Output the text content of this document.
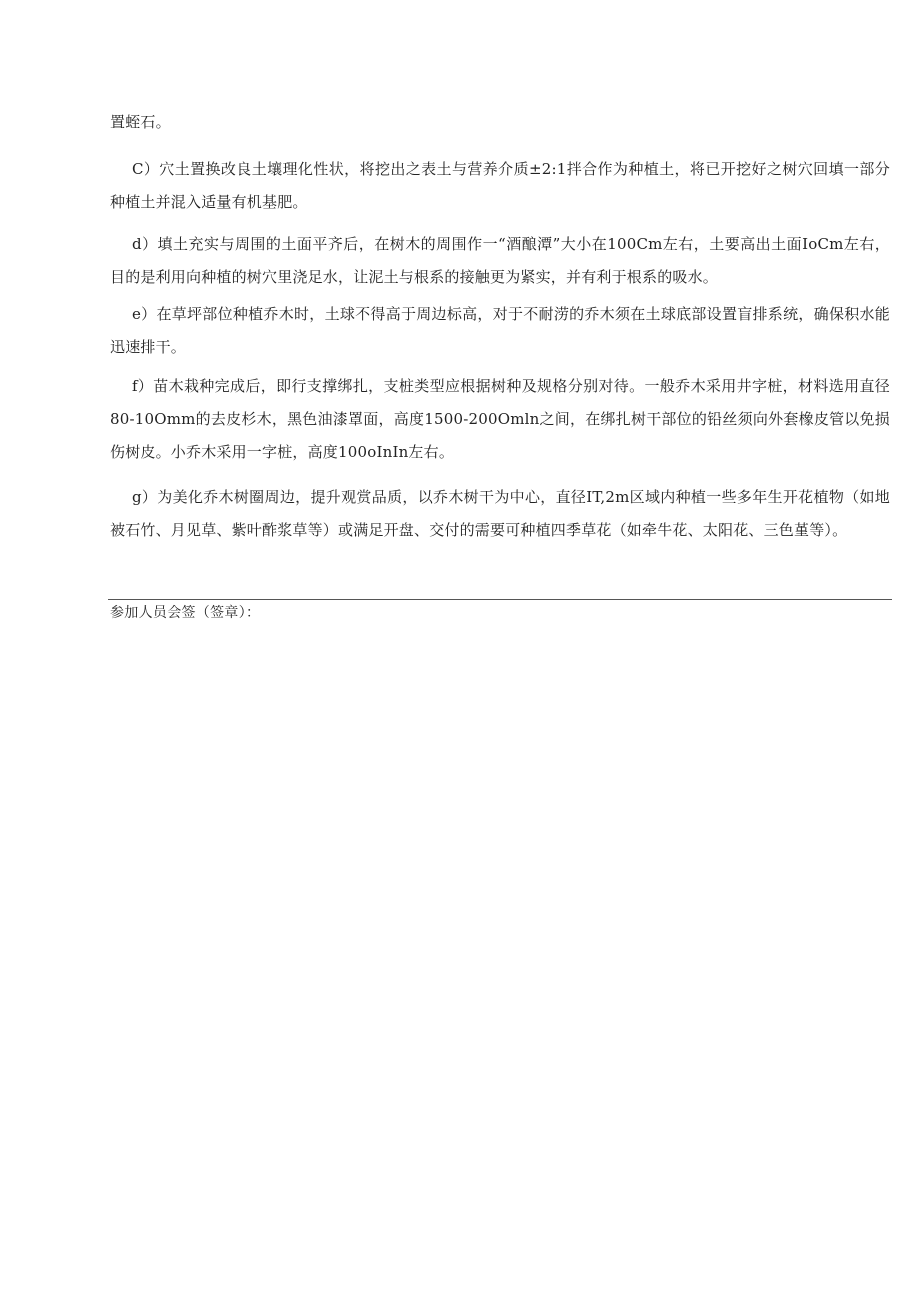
置蛭石。

C）穴土置换改良土壤理化性状，将挖出之表土与营养介质±2:1拌合作为种植土，将已开挖好之树穴回填一部分种植土并混入适量有机基肥。

d）填土充实与周围的土面平齐后，在树木的周围作一“酒酿潭”大小在100Cm左右，土要高出土面IoCm左右，目的是利用向种植的树穴里浇足水，让泥土与根系的接触更为紧实，并有利于根系的吸水。

e）在草坪部位种植乔木时，土球不得高于周边标高，对于不耐涝的乔木须在土球底部设置盲排系统，确保积水能迅速排干。

f）苗木栽种完成后，即行支撑绑扎，支桩类型应根据树种及规格分别对待。一般乔木采用井字桩，材料选用直径80-10Omm的去皮杉木，黑色油漆罩面，高度1500-200Omln之间，在绑扎树干部位的铅丝须向外套橡皮管以免损伤树皮。小乔木采用一字桩，高度100oInIn左右。

g）为美化乔木树圈周边，提升观赏品质，以乔木树干为中心，直径IT,2m区域内种植一些多年生开花植物（如地被石竹、月见草、紫叶酢浆草等）或满足开盘、交付的需要可种植四季草花（如牵牛花、太阳花、三色堇等）。

参加人员会签（签章）：
